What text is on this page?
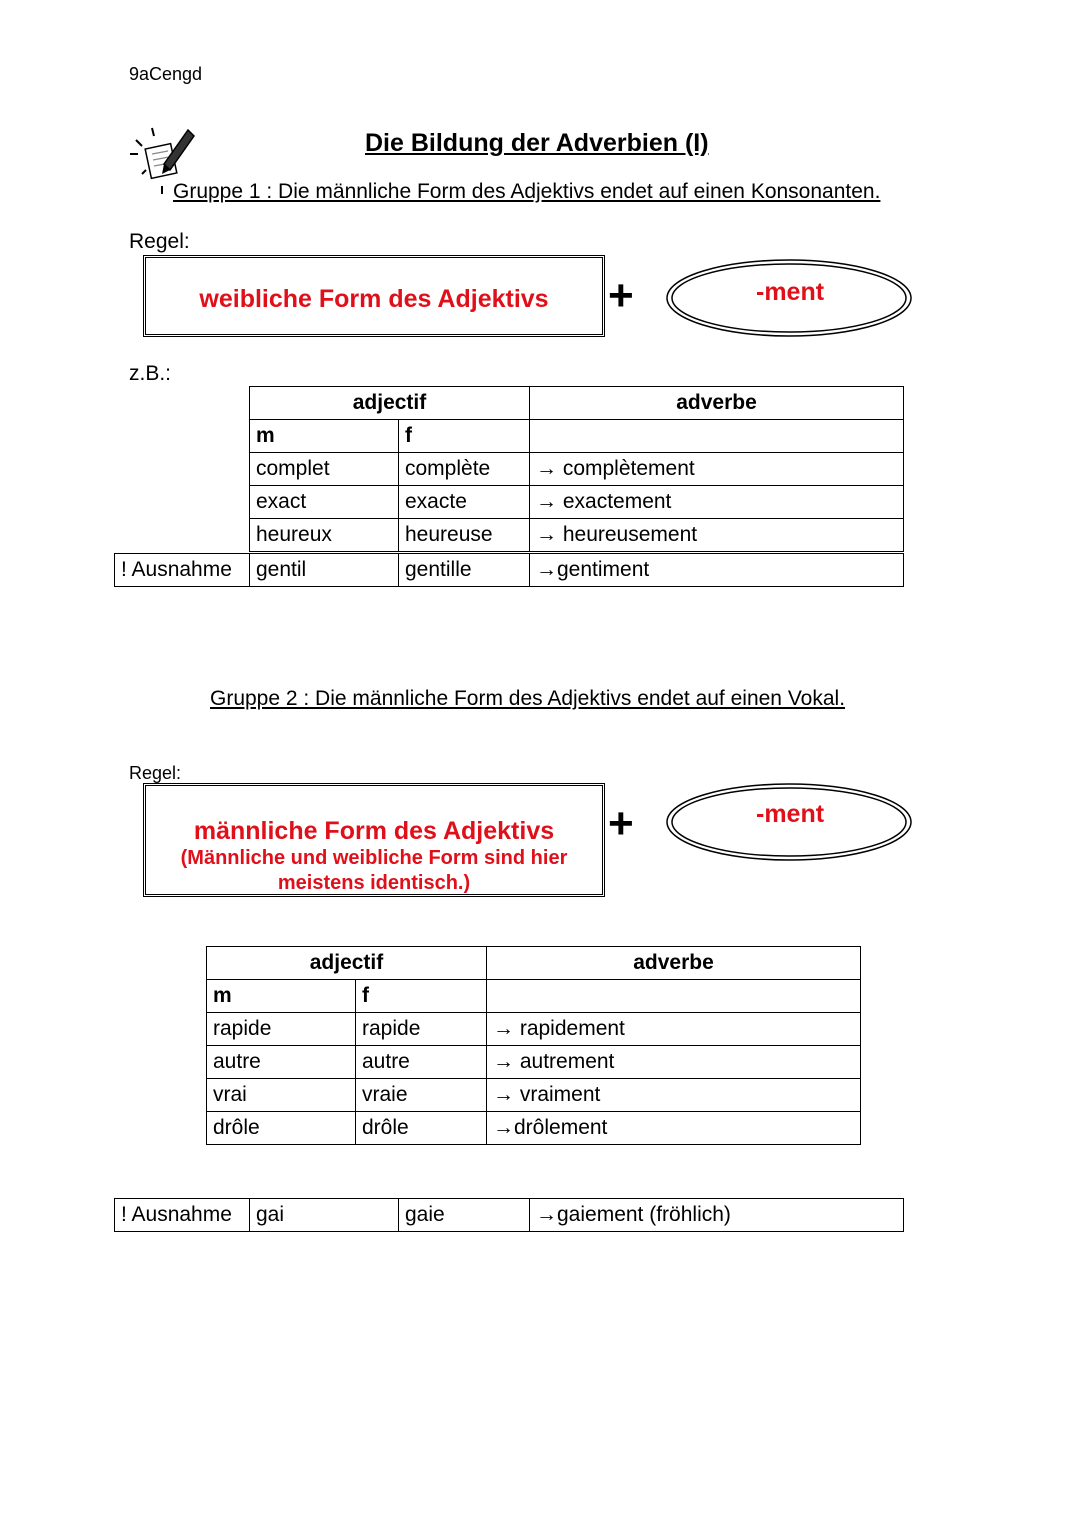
9aCengd
Die Bildung der Adverbien (I)
Gruppe 1 : Die männliche Form des Adjektivs endet auf einen Konsonanten.
Regel:
weibliche Form des Adjektivs	+	-ment
z.B.:
adjectif		adverbe
m	f	
complet	complète	→ complètement
exact	exacte	→ exactement
heureux	heureuse	→ heureusement
! Ausnahme	gentil	gentille	→gentiment
Gruppe 2 : Die männliche Form des Adjektivs endet auf einen Vokal.
Regel:
männliche Form des Adjektivs
(Männliche und weibliche Form sind hier
meistens identisch.)
+	-ment
adjectif		adverbe
m	f	
rapide	rapide	→ rapidement
autre	autre	→ autrement
vrai	vraie	→ vraiment
drôle	drôle	→drôlement
! Ausnahme	gai	gaie	→gaiement (fröhlich)
